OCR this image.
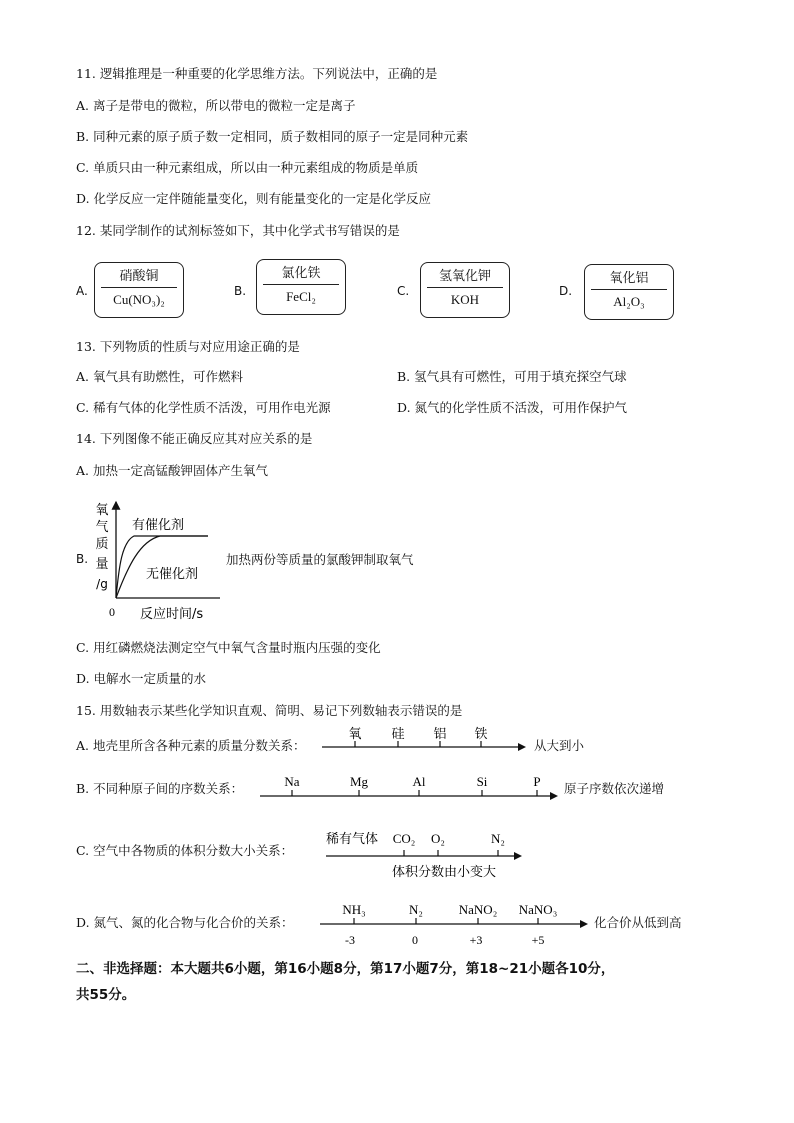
11. 逻辑推理是一种重要的化学思维方法。下列说法中，正确的是
A. 离子是带电的微粒，所以带电的微粒一定是离子
B. 同种元素的原子质子数一定相同，质子数相同的原子一定是同种元素
C. 单质只由一种元素组成，所以由一种元素组成的物质是单质
D. 化学反应一定伴随能量变化，则有能量变化的一定是化学反应
12. 某同学制作的试剂标签如下，其中化学式书写错误的是
A.
硝酸铜
Cu(NO₃)₂
B.
氯化铁
FeCl₂	C.
氢氧化钾
KOH
D.
氧化铝
Al₂O₃
13. 下列物质的性质与对应用途正确的是
A. 氧气具有助燃性，可作燃料	B. 氢气具有可燃性，可用于填充探空气球
C. 稀有气体的化学性质不活泼，可用作电光源	D. 氮气的化学性质不活泼，可用作保护气
14. 下列图像不能正确反应其对应关系的是
A. 加热一定高锰酸钾固体产生氧气
B.
氧
气
质
量
/g
有催化剂
无催化剂
0 反应时间/s
加热两份等质量的氯酸钾制取氧气
C. 用红磷燃烧法测定空气中氧气含量时瓶内压强的变化
D. 电解水一定质量的水
15. 用数轴表示某些化学知识直观、简明、易记下列数轴表示错误的是
A. 地壳里所含各种元素的质量分数关系：
氧 硅 铝 铁
从大到小
B. 不同种原子间的序数关系：	Na	Mg	Al	Si	P 原子序数依次递增
C. 空气中各物质的体积分数大小关系：
稀有气体 CO₂ O₂	N₂
体积分数由小变大
D. 氮气、氮的化合物与化合价的关系：
NH₃	N₂	NaNO₂ NaNO₃
-3	0	+3	+5
化合价从低到高
二、非选择题：本大题共6小题，第16小题8分，第17小题7分，第18~21小题各10分，
共55分。
